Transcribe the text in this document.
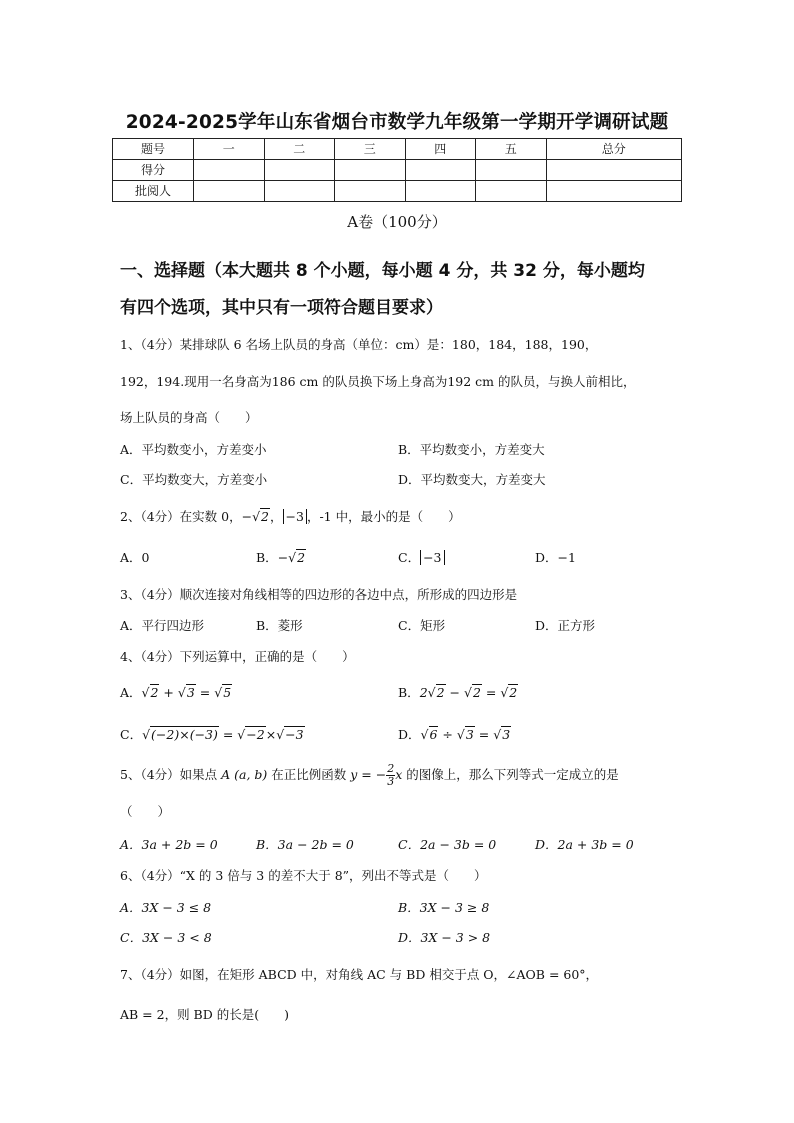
2024-2025学年山东省烟台市数学九年级第一学期开学调研试题
题号	一	二	三	四	五	总分
得分						
批阅人						
A卷（100分）
一、选择题（本大题共 8 个小题，每小题 4 分，共 32 分，每小题均
有四个选项，其中只有一项符合题目要求）
1、（4分）某排球队 6 名场上队员的身高（单位：cm）是：180，184，188，190，
192，194.现用一名身高为186 cm 的队员换下场上身高为192 cm 的队员，与换人前相比，
场上队员的身高（　　）
A．平均数变小，方差变小	B．平均数变小，方差变大
C．平均数变大，方差变小	D．平均数变大，方差变大
2、（4分）在实数 0，−√2， −3 ，-1 中，最小的是（　　）
A．0	B．−√2	C． −3	D．−1
3、（4分）顺次连接对角线相等的四边形的各边中点，所形成的四边形是
A．平行四边形	B．菱形	C．矩形	D．正方形
4、（4分）下列运算中，正确的是（　　）
A．√2 + √3 = √5	B．2√2 − √2 = √2
C．√(−2)×(−3) = √−2×√−3	D．√6 ÷ √3 = √3
5、（4分）如果点 A (a, b) 在正比例函数 y = − $\frac{2}{3}$ x 的图像上，那么下列等式一定成立的是
（　　）
A．3a + 2b = 0	B．3a − 2b = 0	C．2a − 3b = 0	D．2a + 3b = 0
6、（4分）“X 的 3 倍与 3 的差不大于 8”，列出不等式是（　　）
A．3X − 3 ≤ 8	B．3X − 3 ≥ 8
C．3X − 3 < 8	D．3X − 3 > 8
7、（4分）如图，在矩形 ABCD 中，对角线 AC 与 BD 相交于点 O，∠AOB = 60°，
AB = 2，则 BD 的长是(　　)
